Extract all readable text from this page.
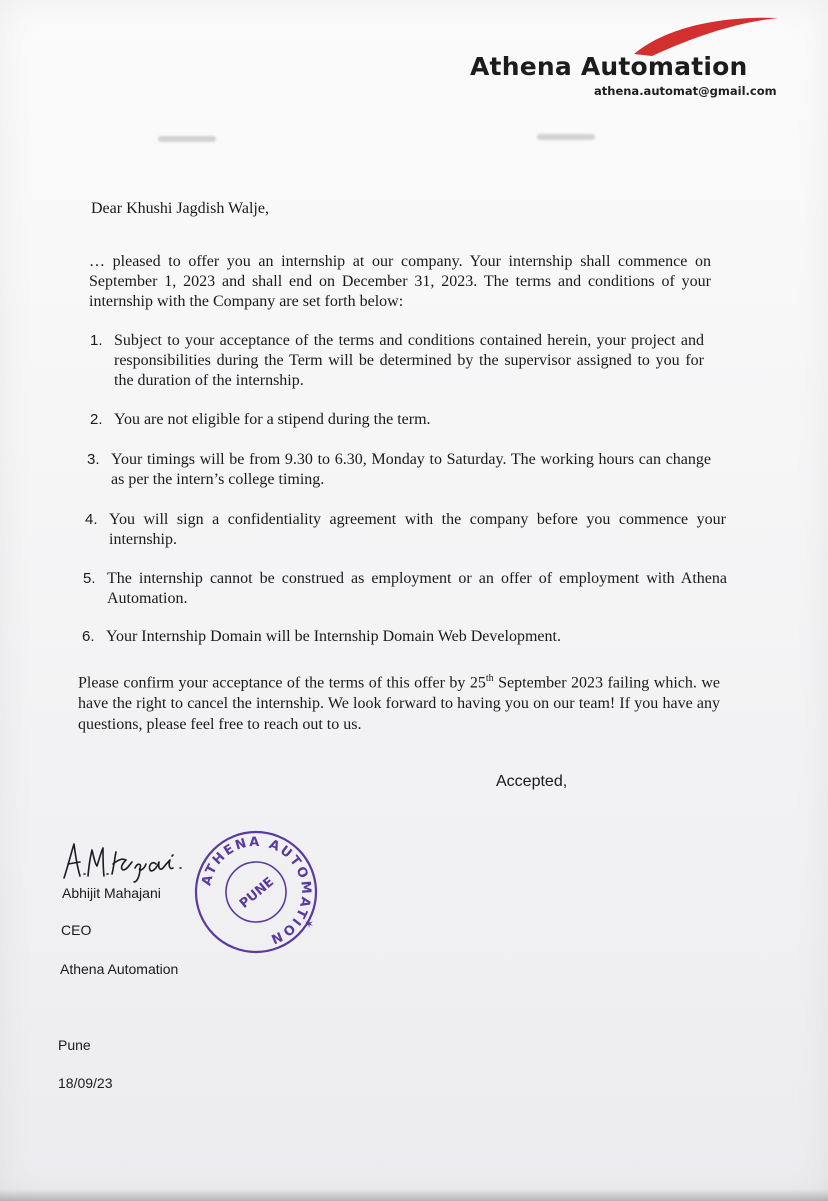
Athena Automation
athena.automat@gmail.com
Dear Khushi Jagdish Walje,
… pleased to offer you an internship at our company. Your internship shall commence on September 1, 2023 and shall end on December 31, 2023. The terms and conditions of your internship with the Company are set forth below:
1. Subject to your acceptance of the terms and conditions contained herein, your project and responsibilities during the Term will be determined by the supervisor assigned to you for the duration of the internship.
2. You are not eligible for a stipend during the term.
3. Your timings will be from 9.30 to 6.30, Monday to Saturday. The working hours can change as per the intern’s college timing.
4. You will sign a confidentiality agreement with the company before you commence your internship.
5. The internship cannot be construed as employment or an offer of employment with Athena Automation.
6. Your Internship Domain will be Internship Domain Web Development.
Please confirm your acceptance of the terms of this offer by 25th September 2023 failing which. we have the right to cancel the internship. We look forward to having you on our team! If you have any questions, please feel free to reach out to us.
Accepted,
Abhijit Mahajani
CEO
Athena Automation
Pune
18/09/23
ATHENA AUTOMATION
PUNE
✶
